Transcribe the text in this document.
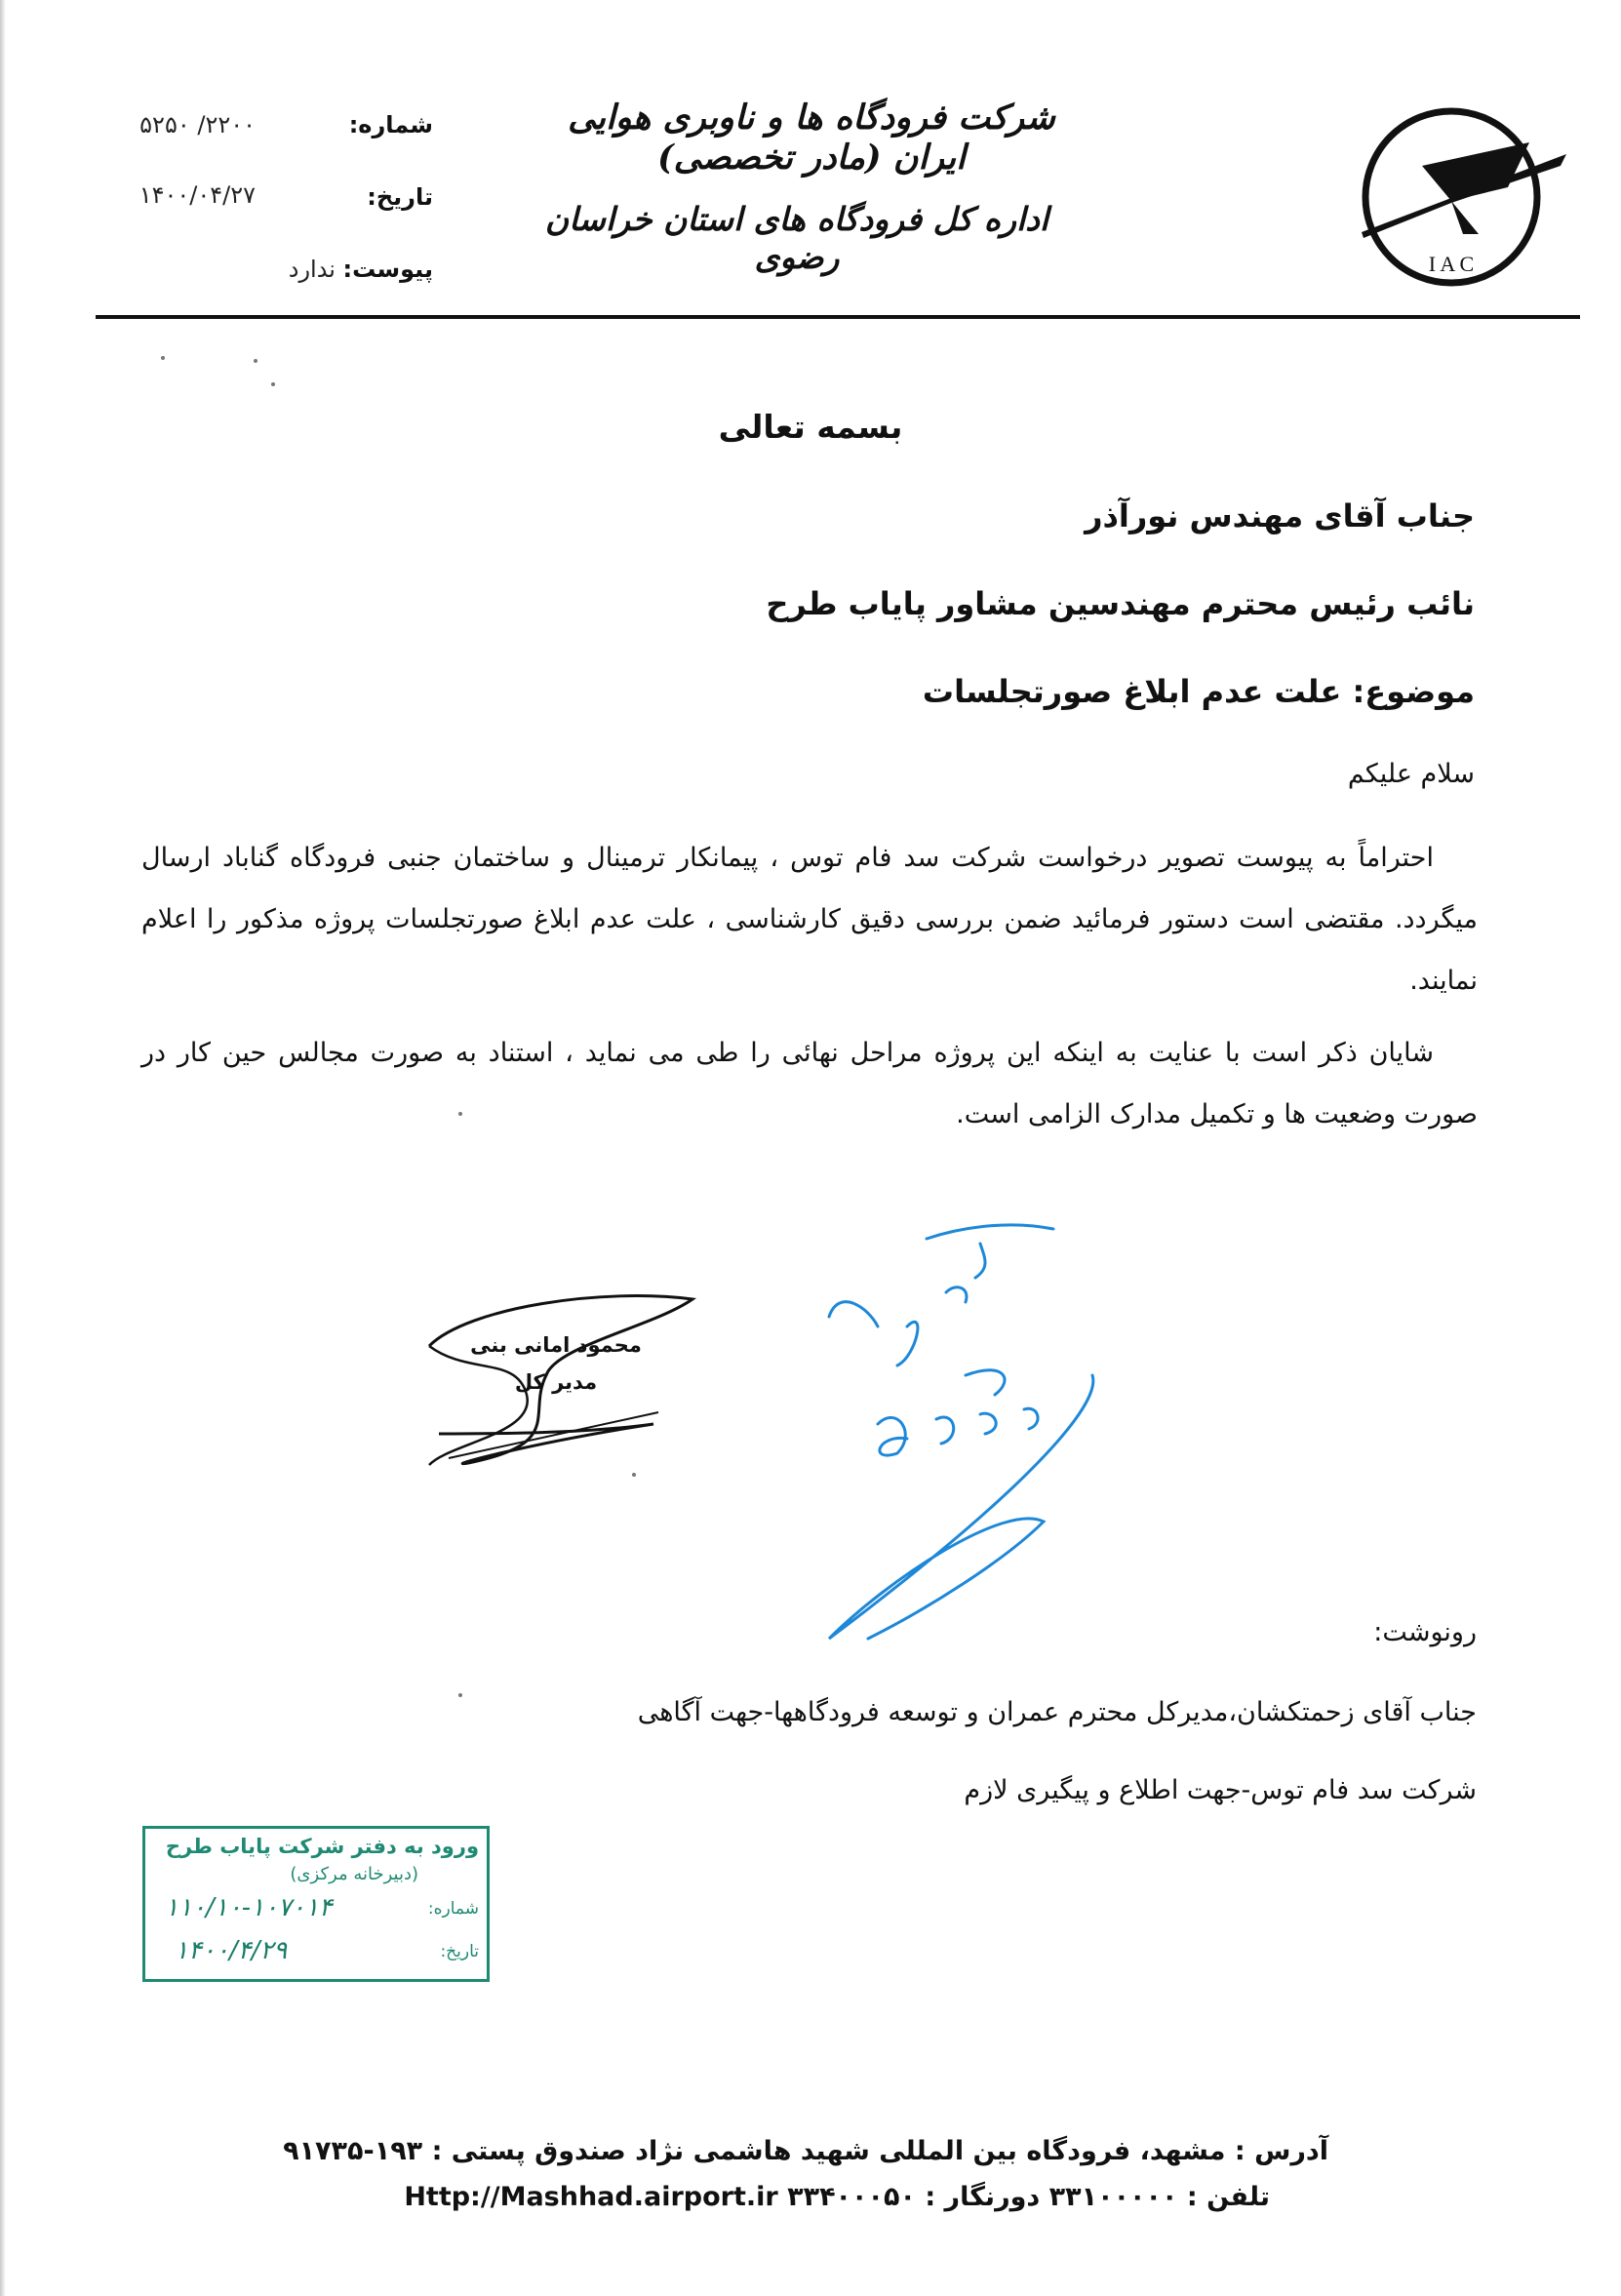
I A C
شرکت فرودگاه ها و ناوبری هوایی ایران (مادر تخصصی)
اداره کل فرودگاه های استان خراسان رضوی
شماره:
۲۲۰۰/ ۵۲۵۰
تاریخ:
۱۴۰۰/۰۴/۲۷
پیوست:
ندارد
بسمه تعالی
جناب آقای مهندس نورآذر
نائب رئیس محترم مهندسین مشاور پایاب طرح
موضوع: علت عدم ابلاغ صورتجلسات
سلام علیکم
احتراماً به پیوست تصویر درخواست شرکت سد فام توس ، پیمانکار ترمینال و ساختمان جنبی فرودگاه گناباد ارسال میگردد. مقتضی است دستور فرمائید ضمن بررسی دقیق کارشناسی ، علت عدم ابلاغ صورتجلسات پروژه مذکور را اعلام نمایند.
شایان ذکر است با عنایت به اینکه این پروژه مراحل نهائی را طی می نماید ، استناد به صورت مجالس حین کار در صورت وضعیت ها و تکمیل مدارک الزامی است.
محمود امانی بنی
مدیر کل
رونوشت:
جناب آقای زحمتکشان،مدیرکل محترم عمران و توسعه فرودگاهها-جهت آگاهی
شرکت سد فام توس-جهت اطلاع و پیگیری لازم
ورود به دفتر شرکت پایاب طرح
(دبیرخانه مرکزی)
شماره:
تاریخ:
۱۱۰/۱۰-۱۰۷۰۱۴
۱۴۰۰/۴/۲۹
آدرس : مشهد، فرودگاه بین المللی شهید هاشمی نژاد صندوق پستی : ۱۹۳-۹۱۷۳۵
تلفن : ۳۳۱۰۰۰۰۰ دورنگار : ۳۳۴۰۰۰۵۰ Http://Mashhad.airport.ir
